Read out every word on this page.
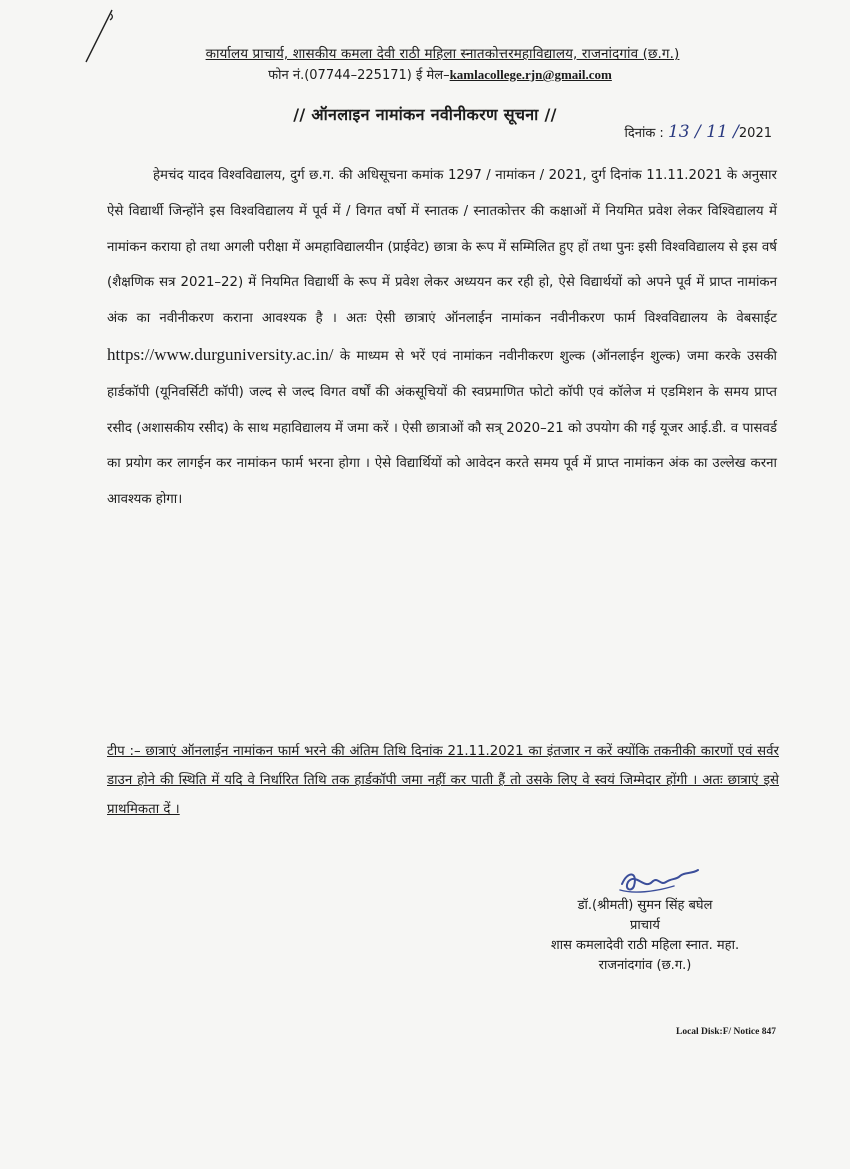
कार्यालय प्राचार्य, शासकीय कमला देवी राठी महिला स्नातकोत्तरमहाविद्यालय, राजनांदगांव (छ.ग.)
फोन नं.(07744–225171) ई मेल–kamlacollege.rjn@gmail.com
// ऑनलाइन नामांकन नवीनीकरण सूचना //
दिनांक : 13 / 11 /2021
हेमचंद यादव विश्वविद्यालय, दुर्ग छ.ग. की अधिसूचना कमांक 1297 / नामांकन / 2021, दुर्ग दिनांक 11.11.2021 के अनुसार ऐसे विद्यार्थी जिन्होंने इस विश्वविद्यालय में पूर्व में / विगत वर्षो में स्नातक / स्नातकोत्तर की कक्षाओं में नियमित प्रवेश लेकर विश्विद्यालय में नामांकन कराया हो तथा अगली परीक्षा में अमहाविद्यालयीन (प्राईवेट) छात्रा के रूप में सम्मिलित हुए हों तथा पुनः इसी विश्वविद्यालय से इस वर्ष (शैक्षणिक सत्र 2021–22) में नियमित विद्यार्थी के रूप में प्रवेश लेकर अध्ययन कर रही हो, ऐसे विद्यार्थयों को अपने पूर्व में प्राप्त नामांकन अंक का नवीनीकरण कराना आवश्यक है । अतः ऐसी छात्राएं ऑनलाईन नामांकन नवीनीकरण फार्म विश्वविद्यालय के वेबसाईट https://www.durguniversity.ac.in/ के माध्यम से भरें एवं नामांकन नवीनीकरण शुल्क (ऑनलाईन शुल्क) जमा करके उसकी हार्डकॉपी (यूनिवर्सिटी कॉपी) जल्द से जल्द विगत वर्षों की अंकसूचियों की स्वप्रमाणित फोटो कॉपी एवं कॉलेज मं एडमिशन के समय प्राप्त रसीद (अशासकीय रसीद) के साथ महाविद्यालय में जमा करें । ऐसी छात्राओं कौ सत्र् 2020–21 को उपयोग की गई यूजर आई.डी. व पासवर्ड का प्रयोग कर लागईन कर नामांकन फार्म भरना होगा । ऐसे विद्यार्थियों को आवेदन करते समय पूर्व में प्राप्त नामांकन अंक का उल्लेख करना आवश्यक होगा।
टीप :– छात्राएं ऑनलाईन नामांकन फार्म भरने की अंतिम तिथि दिनांक 21.11.2021 का इंतजार न करें क्योंकि तकनीकी कारणों एवं सर्वर डाउन होने की स्थिति में यदि वे निर्धारित तिथि तक हार्डकॉपी जमा नहीं कर पाती हैं तो उसके लिए वे स्वयं जिम्मेदार होंगी । अतः छात्राएं इसे प्राथमिकता दें ।
डॉ.(श्रीमती) सुमन सिंह बघेल
प्राचार्य
शास कमलादेवी राठी महिला स्नात. महा.
राजनांदगांव (छ.ग.)
Local Disk:F/ Notice 847
